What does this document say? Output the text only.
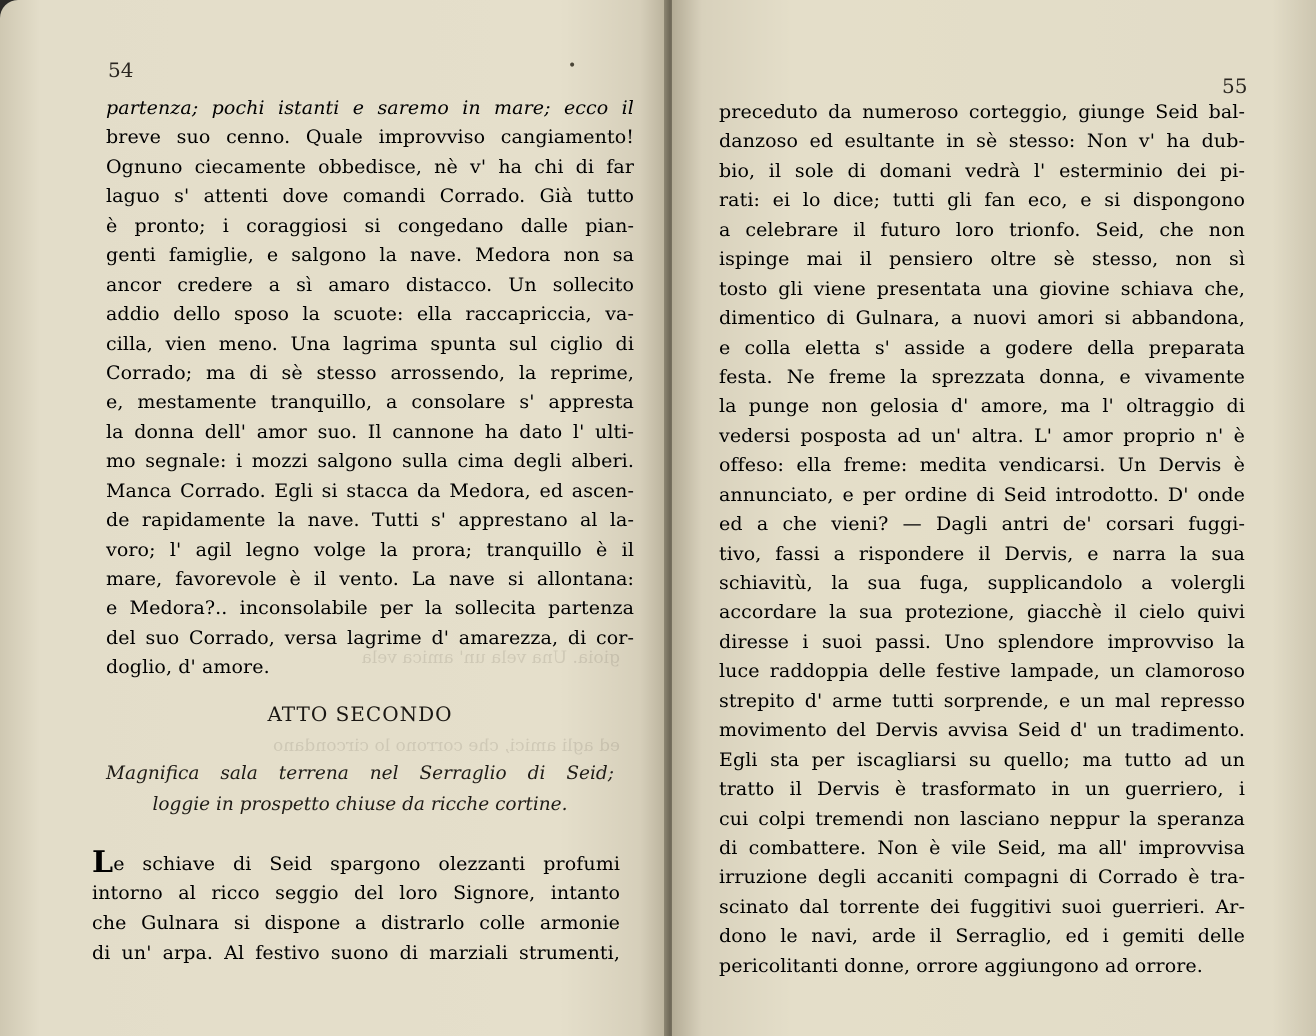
gioia. Una vela un' amica vela
ed agli amici, che corrono lo circondano
54	•
partenza; pochi istanti e saremo in mare; ecco il
breve suo cenno. Quale improvviso cangiamento!
Ognuno ciecamente obbedisce, nè v' ha chi di far
laguo s' attenti dove comandi Corrado. Già tutto
è pronto; i coraggiosi si congedano dalle pian-
genti famiglie, e salgono la nave. Medora non sa
ancor credere a sì amaro distacco. Un sollecito
addio dello sposo la scuote: ella raccapriccia, va-
cilla, vien meno. Una lagrima spunta sul ciglio di
Corrado; ma di sè stesso arrossendo, la reprime,
e, mestamente tranquillo, a consolare s' appresta
la donna dell' amor suo. Il cannone ha dato l' ulti-
mo segnale: i mozzi salgono sulla cima degli alberi.
Manca Corrado. Egli si stacca da Medora, ed ascen-
de rapidamente la nave. Tutti s' apprestano al la-
voro; l' agil legno volge la prora; tranquillo è il
mare, favorevole è il vento. La nave si allontana:
e Medora?.. inconsolabile per la sollecita partenza
del suo Corrado, versa lagrime d' amarezza, di cor-
doglio, d' amore.
ATTO SECONDO
Magnifica sala terrena nel Serraglio di Seid;
loggie in prospetto chiuse da ricche cortine.
Le schiave di Seid spargono olezzanti profumi
intorno al ricco seggio del loro Signore, intanto
che Gulnara si dispone a distrarlo colle armonie
di un' arpa. Al festivo suono di marziali strumenti,
55
preceduto da numeroso corteggio, giunge Seid bal-
danzoso ed esultante in sè stesso: Non v' ha dub-
bio, il sole di domani vedrà l' esterminio dei pi-
rati: ei lo dice; tutti gli fan eco, e si dispongono
a celebrare il futuro loro trionfo. Seid, che non
ispinge mai il pensiero oltre sè stesso, non sì
tosto gli viene presentata una giovine schiava che,
dimentico di Gulnara, a nuovi amori si abbandona,
e colla eletta s' asside a godere della preparata
festa. Ne freme la sprezzata donna, e vivamente
la punge non gelosia d' amore, ma l' oltraggio di
vedersi posposta ad un' altra. L' amor proprio n' è
offeso: ella freme: medita vendicarsi. Un Dervis è
annunciato, e per ordine di Seid introdotto. D' onde
ed a che vieni? — Dagli antri de' corsari fuggi-
tivo, fassi a rispondere il Dervis, e narra la sua
schiavitù, la sua fuga, supplicandolo a volergli
accordare la sua protezione, giacchè il cielo quivi
diresse i suoi passi. Uno splendore improvviso la
luce raddoppia delle festive lampade, un clamoroso
strepito d' arme tutti sorprende, e un mal represso
movimento del Dervis avvisa Seid d' un tradimento.
Egli sta per iscagliarsi su quello; ma tutto ad un
tratto il Dervis è trasformato in un guerriero, i
cui colpi tremendi non lasciano neppur la speranza
di combattere. Non è vile Seid, ma all' improvvisa
irruzione degli accaniti compagni di Corrado è tra-
scinato dal torrente dei fuggitivi suoi guerrieri. Ar-
dono le navi, arde il Serraglio, ed i gemiti delle
pericolitanti donne, orrore aggiungono ad orrore.
